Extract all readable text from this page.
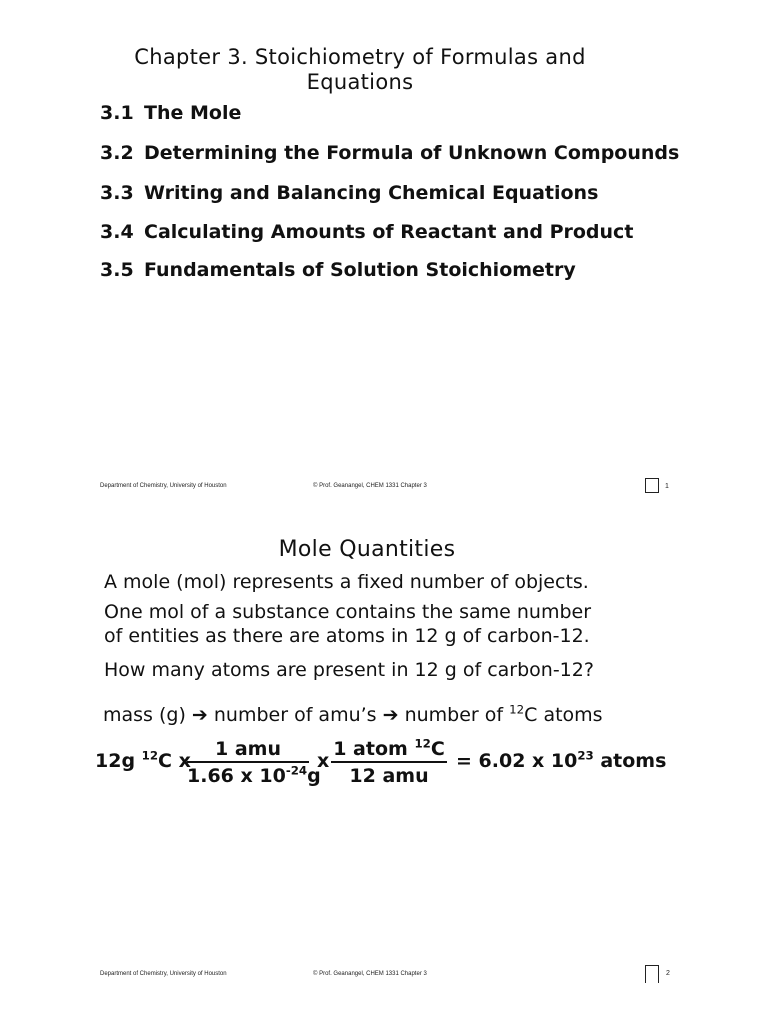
Chapter 3. Stoichiometry of Formulas and
Equations
3.1 The Mole
3.2 Determining the Formula of Unknown Compounds
3.3 Writing and Balancing Chemical Equations
3.4 Calculating Amounts of Reactant and Product
3.5 Fundamentals of Solution Stoichiometry
Department of Chemistry, University of Houston	© Prof. Geanangel, CHEM 1331 Chapter 3	1
Mole Quantities
A mole (mol) represents a fixed number of objects.
One mol of a substance contains the same number
of entities as there are atoms in 12 g of carbon-12.
How many atoms are present in 12 g of carbon-12?
mass (g) ➔ number of amu’s ➔ number of $^{12}$C atoms
12g $^{12}$C x
1 amu
1.66 x $10^{-24}g$
x
1 atom $^{12}$C
12 amu
= 6.02 x $10^{23}$ atoms
Department of Chemistry, University of Houston	© Prof. Geanangel, CHEM 1331 Chapter 3	2
